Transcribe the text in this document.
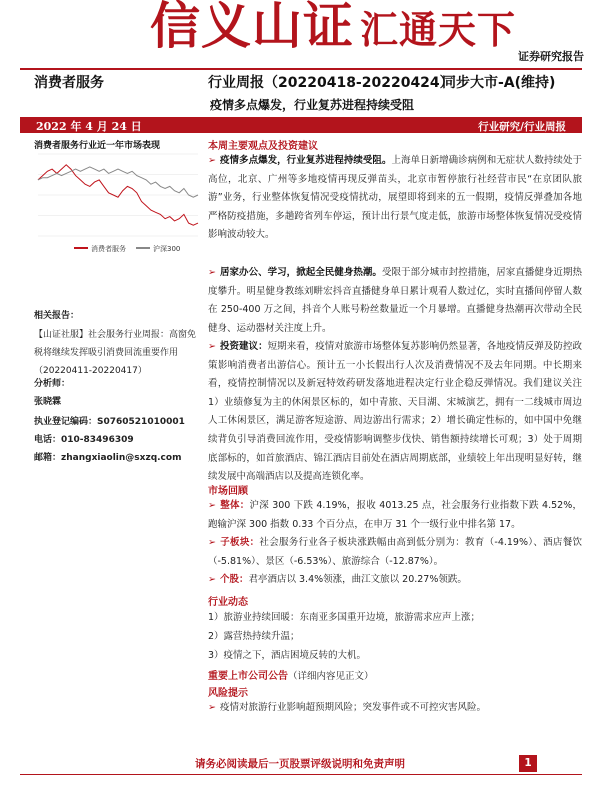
信义山证 汇通天下
证券研究报告
消费者服务	行业周报（20220418-20220424）
同步大市-A(维持)
疫情多点爆发，行业复苏进程持续受阻
2022 年 4 月 24 日	行业研究/行业周报
消费者服务行业近一年市场表现
消费者服务	沪深300
相关报告：
【山证社服】社会服务行业周报：高窗免税将继续发挥吸引消费回流重要作用（20220411-20220417）
分析师：
张晓霖
执业登记编码：S0760521010001
电话：010-83496309
邮箱：zhangxiaolin@sxzq.com
本周主要观点及投资建议
➢ 疫情多点爆发，行业复苏进程持续受阻。上海单日新增确诊病例和无症状人数持续处于高位，北京、广州等多地疫情再现反弹苗头，北京市暂停旅行社经营市民“在京团队旅游”业务，行业整体恢复情况受疫情扰动，展望即将到来的五一假期，疫情反弹叠加各地严格防疫措施，多趟跨省列车停运，预计出行景气度走低，旅游市场整体恢复情况受疫情影响波动较大。
➢ 居家办公、学习，掀起全民健身热潮。受限于部分城市封控措施，居家直播健身近期热度攀升。明星健身教练刘畊宏抖音直播健身单日累计观看人数过亿，实时直播间停留人数在 250-400 万之间，抖音个人账号粉丝数量近一个月暴增。直播健身热潮再次带动全民健身、运动器材关注度上升。
➢ 投资建议：短期来看，疫情对旅游市场整体复苏影响仍然显著，各地疫情反弹及防控政策影响消费者出游信心。预计五一小长假出行人次及消费情况不及去年同期。中长期来看，疫情控制情况以及新冠特效药研发落地进程决定行业企稳反弹情况。我们建议关注 1）业绩修复为主的休闲景区标的，如中青旅、天目湖、宋城演艺，拥有一二线城市周边人工休闲景区，满足游客短途游、周边游出行需求；2）增长确定性标的，如中国中免继续背负引导消费回流作用，受疫情影响调整步伐快、销售额持续增长可观；3）处于周期底部标的，如首旅酒店、锦江酒店目前处在酒店周期底部，业绩较上年出现明显好转，继续发展中高端酒店以及提高连锁化率。
市场回顾
➢ 整体：沪深 300 下跌 4.19%，报收 4013.25 点，社会服务行业指数下跌 4.52%，跑输沪深 300 指数 0.33 个百分点，在申万 31 个一级行业中排名第 17。
➢ 子板块：社会服务行业各子板块涨跌幅由高到低分别为：教育（-4.19%）、酒店餐饮（-5.81%）、景区（-6.53%）、旅游综合（-12.87%）。
➢ 个股：君亭酒店以 3.4%领涨，曲江文旅以 20.27%领跌。
行业动态
1）旅游业持续回暖：东南亚多国重开边境，旅游需求应声上涨；
2）露营热持续升温；
3）疫情之下，酒店困境反转的大机。
重要上市公司公告（详细内容见正文）
风险提示
➢ 疫情对旅游行业影响超预期风险；突发事件或不可控灾害风险。
请务必阅读最后一页股票评级说明和免责声明	1
